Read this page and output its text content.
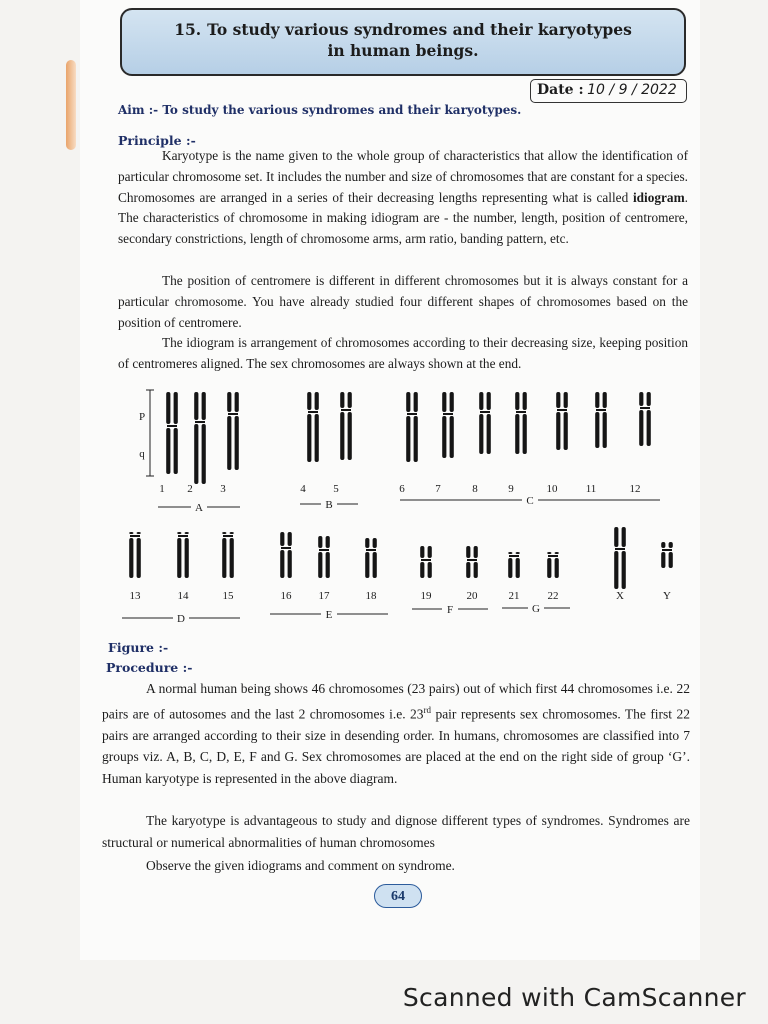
15. To study various syndromes and their karyotypes
in human beings.
Date : 10 / 9 / 2022
Aim :- To study the various syndromes and their karyotypes.
Principle :-
Karyotype is the name given to the whole group of characteristics that allow the identification of particular chromosome set. It includes the number and size of chromosomes that are constant for a species. Chromosomes are arranged in a series of their decreasing lengths representing what is called idiogram. The characteristics of chromosome in making idiogram are - the number, length, position of centromere, secondary constrictions, length of chromosome arms, arm ratio, banding pattern, etc.
The position of centromere is different in different chromosomes but it is always constant for a particular chromosome. You have already studied four different shapes of chromosomes based on the position of centromere.
The idiogram is arrangement of chromosomes according to their decreasing size, keeping position of centromeres aligned. The sex chromosomes are always shown at the end.
1 2	3	4	5	6	7	8	9	10	11	12
P
q
A	B	C
13	14	15	16 17	18	19	20	21	22	X	Y
D	E	F	G
Figure :-
Procedure :-
A normal human being shows 46 chromosomes (23 pairs) out of which first 44 chromosomes i.e. 22 pairs are of autosomes and the last 2 chromosomes i.e. 23rd pair represents sex chromosomes. The first 22 pairs are arranged according to their size in desending order. In humans, chromosomes are classified into 7 groups viz. A, B, C, D, E, F and G. Sex chromosomes are placed at the end on the right side of group ‘G’. Human karyotype is represented in the above diagram.
The karyotype is advantageous to study and dignose different types of syndromes. Syndromes are structural or numerical abnormalities of human chromosomes
Observe the given idiograms and comment on syndrome.
64
Scanned with CamScanner
